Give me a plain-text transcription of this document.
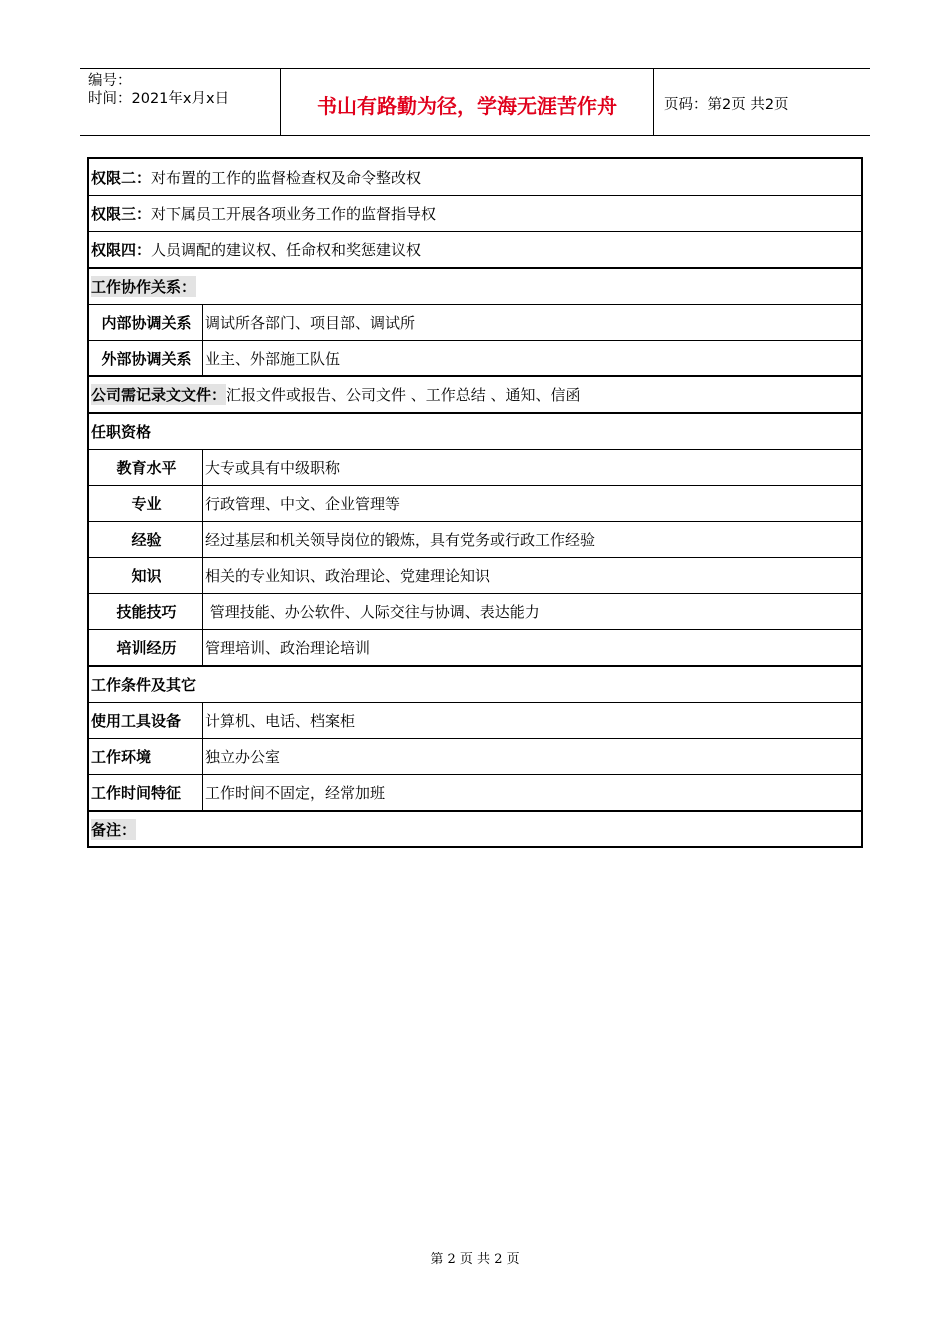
编号：
时间：2021年x月x日	书山有路勤为径，学海无涯苦作舟	页码：第2页 共2页
权限二： 对布置的工作的监督检查权及命令整改权
权限三： 对下属员工开展各项业务工作的监督指导权
权限四： 人员调配的建议权、任命权和奖惩建议权
工作协作关系：
内部协调关系 调试所各部门、项目部、调试所
外部协调关系 业主、外部施工队伍
公司需记录文文件： 汇报文件或报告、公司文件 、工作总结 、通知、信函
任职资格
教育水平	大专或具有中级职称
专业	行政管理、中文、企业管理等
经验	经过基层和机关领导岗位的锻炼，具有党务或行政工作经验
知识	相关的专业知识、政治理论、党建理论知识
技能技巧	管理技能、办公软件、人际交往与协调、表达能力
培训经历	管理培训、政治理论培训
工作条件及其它
使用工具设备 计算机、电话、档案柜
工作环境	独立办公室
工作时间特征 工作时间不固定，经常加班
备注：
第 2 页 共 2 页
